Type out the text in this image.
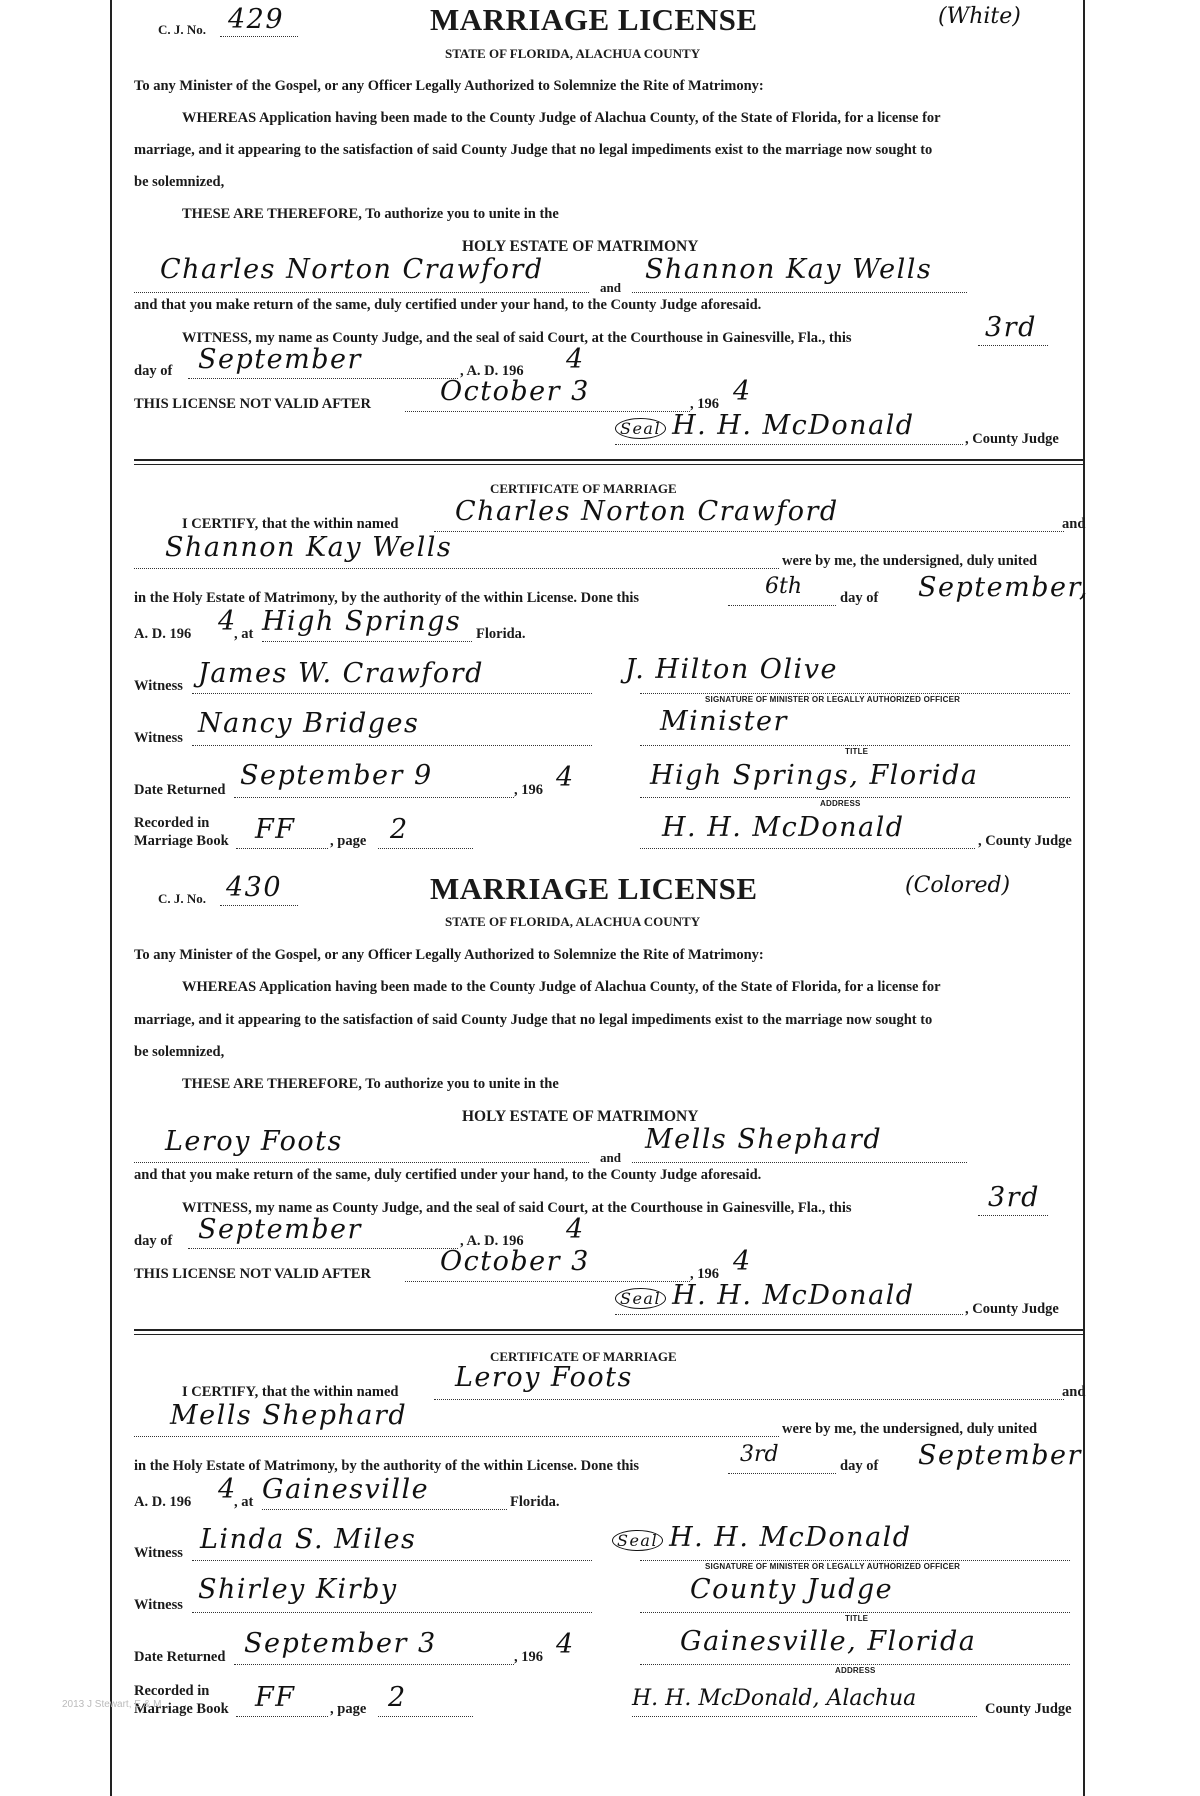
C. J. No. 429	MARRIAGE LICENSE	(White)
STATE OF FLORIDA, ALACHUA COUNTY
To any Minister of the Gospel, or any Officer Legally Authorized to Solemnize the Rite of Matrimony:
WHEREAS Application having been made to the County Judge of Alachua County, of the State of Florida, for a license for
marriage, and it appearing to the satisfaction of said County Judge that no legal impediments exist to the marriage now sought to
be solemnized,
THESE ARE THEREFORE, To authorize you to unite in the
HOLY ESTATE OF MATRIMONY
Charles Norton Crawford
and
Shannon Kay Wells
and that you make return of the same, duly certified under your hand, to the County Judge aforesaid.
WITNESS, my name as County Judge, and the seal of said Court, at the Courthouse in Gainesville, Fla., this	3rd
day of September	, A. D. 196 4
THIS LICENSE NOT VALID AFTER	October 3	, 196 4
Seal H. H. McDonald	, County Judge
CERTIFICATE OF MARRIAGE
I CERTIFY, that the within named Charles Norton Crawford	and
Shannon Kay Wells	were by me, the undersigned, duly united
in the Holy Estate of Matrimony, by the authority of the within License. Done this	6th	day of September,
A. D. 196 4
, at High Springs Florida.
Witness James W. Crawford	J. Hilton Olive
SIGNATURE OF MINISTER OR LEGALLY AUTHORIZED OFFICER
Witness Nancy Bridges	Minister
TITLE
Date Returned September 9	, 196 4	High Springs, Florida
ADDRESS
Recorded in
Marriage Book FF , page 2	H. H. McDonald	, County Judge
C. J. No. 430	MARRIAGE LICENSE	(Colored)
STATE OF FLORIDA, ALACHUA COUNTY
To any Minister of the Gospel, or any Officer Legally Authorized to Solemnize the Rite of Matrimony:
WHEREAS Application having been made to the County Judge of Alachua County, of the State of Florida, for a license for
marriage, and it appearing to the satisfaction of said County Judge that no legal impediments exist to the marriage now sought to
be solemnized,
THESE ARE THEREFORE, To authorize you to unite in the
HOLY ESTATE OF MATRIMONY
Leroy Foots
and
Mells Shephard
and that you make return of the same, duly certified under your hand, to the County Judge aforesaid.
WITNESS, my name as County Judge, and the seal of said Court, at the Courthouse in Gainesville, Fla., this	3rd
day of September	, A. D. 196 4
THIS LICENSE NOT VALID AFTER	October 3	, 196 4
Seal H. H. McDonald	, County Judge
CERTIFICATE OF MARRIAGE
I CERTIFY, that the within named Leroy Foots	and
Mells Shephard	were by me, the undersigned, duly united
in the Holy Estate of Matrimony, by the authority of the within License. Done this	3rd	day of September
A. D. 196 4
, at Gainesville	Florida.
Witness Linda S. Miles	Seal H. H. McDonald
SIGNATURE OF MINISTER OR LEGALLY AUTHORIZED OFFICER
Witness Shirley Kirby	County Judge
TITLE
Date Returned September 3	, 196 4	Gainesville, Florida
ADDRESS
Recorded in
Marriage Book FF , page 2	H. H. McDonald, Alachua	County Judge
2013 J Stewart, E & M
